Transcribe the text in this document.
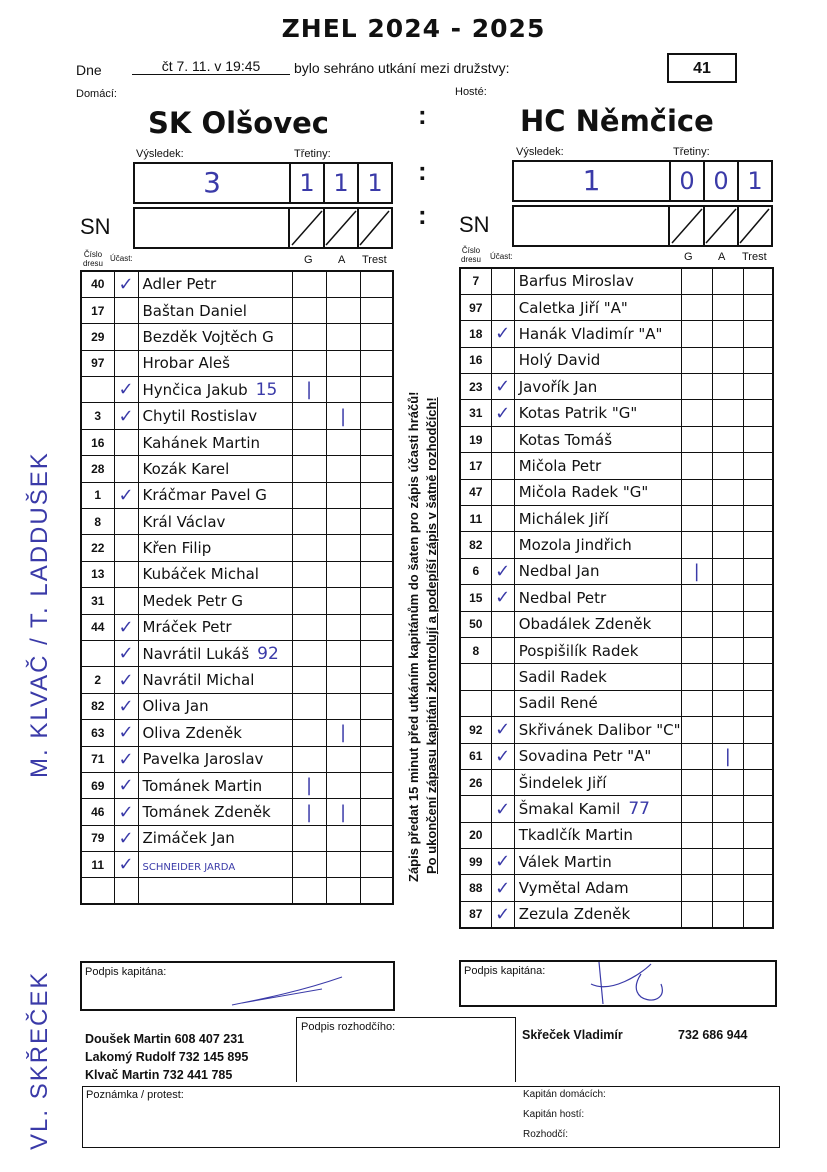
ZHEL 2024 - 2025
Dne	čt 7. 11. v 19:45	bylo sehráno utkání mezi družstvy:	41
Domácí:	Hosté:
SK Olšovec	HC Němčice
:
:
:
Výsledek:	Třetiny:
3	1 1 1
SN
Číslo dresu
Účast:	G A Trest
Výsledek:	Třetiny:
1	0 0 1
SN
Číslo dresu Účast:	G A Trest
40	✓	Adler Petr			
17		Baštan Daniel			
29		Bezděk Vojtěch G			
97		Hrobar Aleš			
	✓	Hynčica Jakub 15	|		
3	✓	Chytil Rostislav		|	
16		Kahánek Martin			
28		Kozák Karel			
1	✓	Kráčmar Pavel G			
8		Král Václav			
22		Křen Filip			
13		Kubáček Michal			
31		Medek Petr G			
44	✓	Mráček Petr			
	✓	Navrátil Lukáš 92			
2	✓	Navrátil Michal			
82	✓	Oliva Jan			
63	✓	Oliva Zdeněk		|	
71	✓	Pavelka Jaroslav			
69	✓	Tománek Martin	|		
46	✓	Tománek Zdeněk	|	|	
79	✓	Zimáček Jan			
11	✓	SCHNEIDER JARDA			

7		Barfus Miroslav			
97		Caletka Jiří "A"			
18	✓	Hanák Vladimír "A"			
16		Holý David			
23	✓	Javořík Jan			
31	✓	Kotas Patrik "G"			
19		Kotas Tomáš			
17		Mičola Petr			
47		Mičola Radek "G"			
11		Michálek Jiří			
82		Mozola Jindřich			
6	✓	Nedbal Jan	|		
15	✓	Nedbal Petr			
50		Obadálek Zdeněk			
8		Pospišilík Radek			
		Sadil Radek			
		Sadil René			
92	✓	Skřivánek Dalibor "C"			
61	✓	Sovadina Petr "A"		|	
26		Šindelek Jiří			
	✓	Šmakal Kamil 77			
20		Tkadlčík Martin			
99	✓	Válek Martin			
88	✓	Vymětal Adam			
87	✓	Zezula Zdeněk			
Zápis předat 15 minut před utkáním kapitánům do šaten pro zápis účasti hráčů! Po ukončení zápasu kapitáni zkontrolují a podepíší zápis v šatně rozhodčích!
M. KLVAČ / T. LADDUŠEK
VL. SKŘEČEK	Podpis kapitána:	Podpis kapitána:
Doušek Martin 608 407 231
Lakomý Rudolf 732 145 895
Klvač Martin 732 441 785
Podpis rozhodčího:
Skřeček Vladimír	732 686 944
Poznámka / protest:	Kapitán domácích:
Kapitán hostí:
Rozhodčí:
